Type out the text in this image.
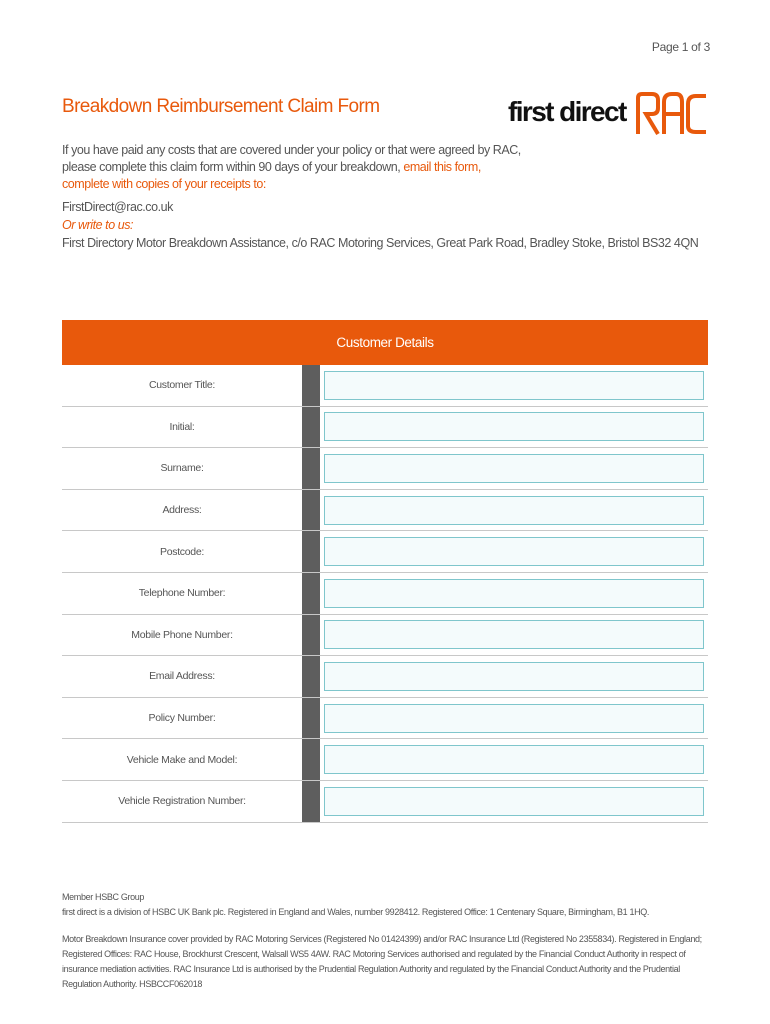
Page 1 of 3
Breakdown Reimbursement Claim Form	first direct
If you have paid any costs that are covered under your policy or that were agreed by RAC, please complete this claim form within 90 days of your breakdown, email this form, complete with copies of your receipts to:
FirstDirect@rac.co.uk
Or write to us:
First Directory Motor Breakdown Assistance, c/o RAC Motoring Services, Great Park Road, Bradley Stoke, Bristol BS32 4QN
Customer Details
Customer Title:
Initial:
Surname:
Address:
Postcode:
Telephone Number:
Mobile Phone Number:
Email Address:
Policy Number:
Vehicle Make and Model:
Vehicle Registration Number:

Member HSBC Group

first direct is a division of HSBC UK Bank plc. Registered in England and Wales, number 9928412. Registered Office: 1 Centenary Square, Birmingham, B1 1HQ.

Motor Breakdown Insurance cover provided by RAC Motoring Services (Registered No 01424399) and/or RAC Insurance Ltd (Registered No 2355834). Registered in England; Registered Offices: RAC House, Brockhurst Crescent, Walsall WS5 4AW. RAC Motoring Services authorised and regulated by the Financial Conduct Authority in respect of insurance mediation activities. RAC Insurance Ltd is authorised by the Prudential Regulation Authority and regulated by the Financial Conduct Authority and the Prudential Regulation Authority. HSBCCF062018
